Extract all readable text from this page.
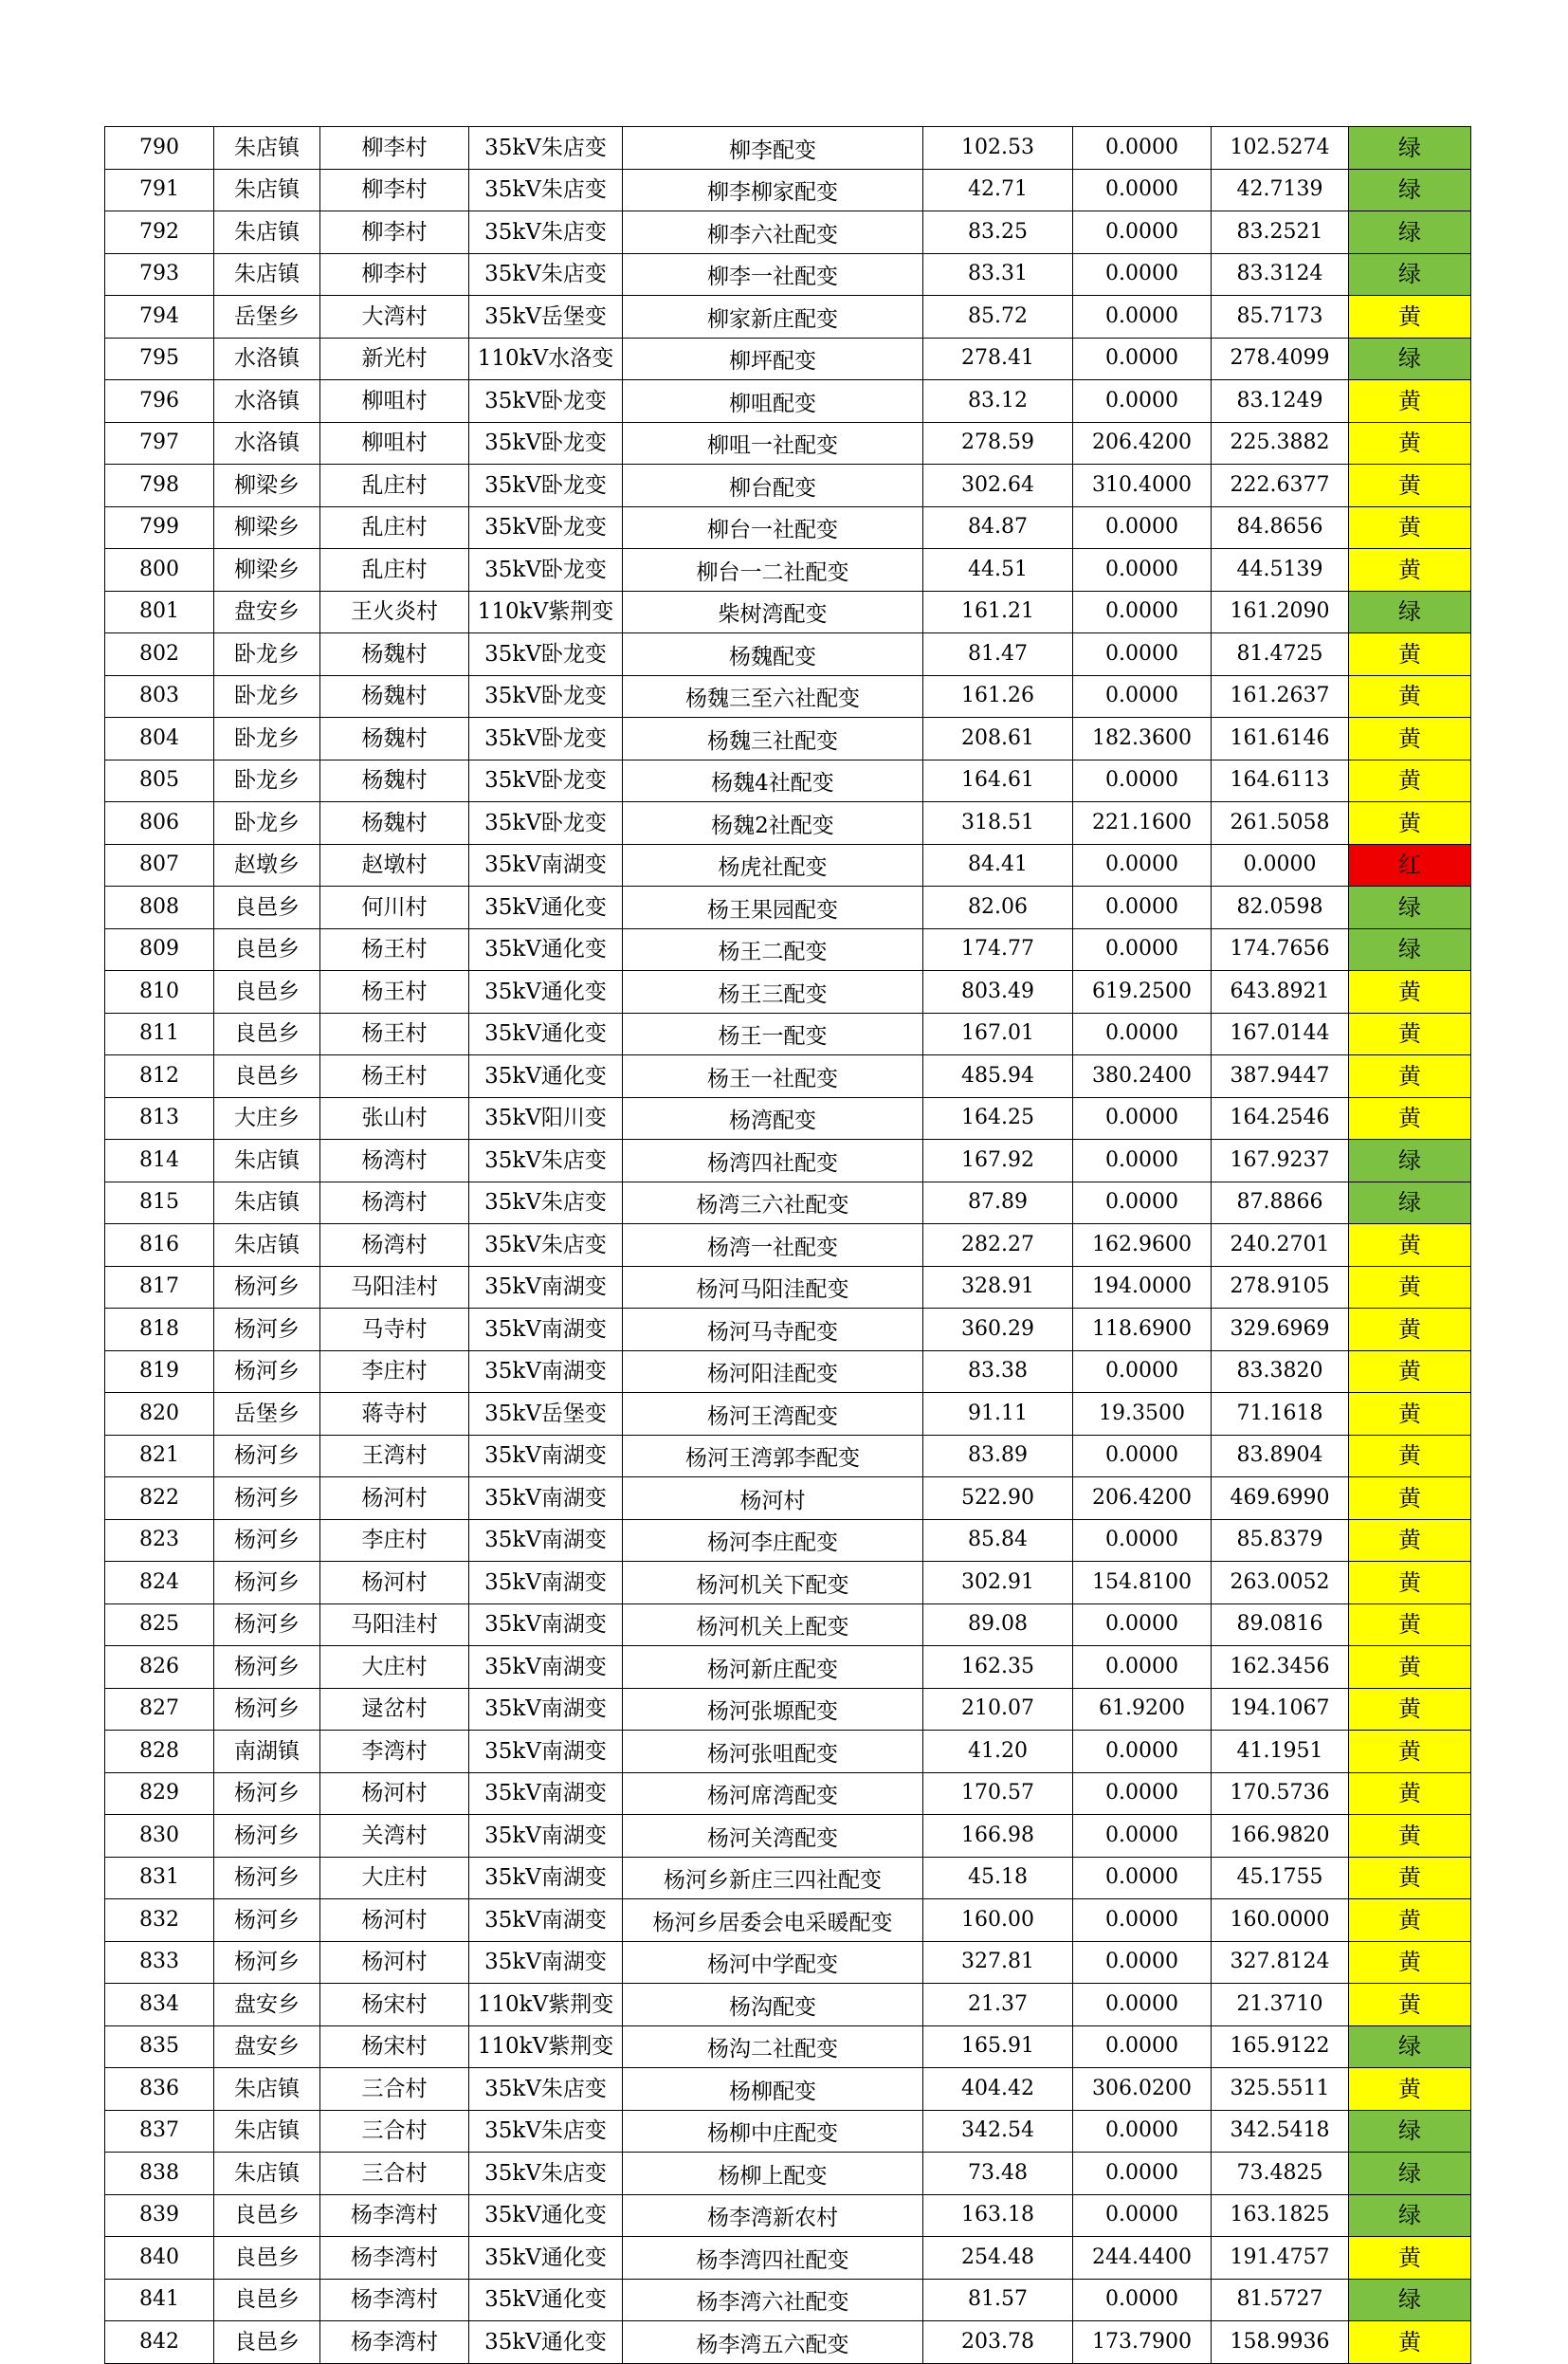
790	朱店镇	柳李村	35kV朱店变	柳李配变	102.53	0.0000	102.5274	绿
791	朱店镇	柳李村	35kV朱店变	柳李柳家配变	42.71	0.0000	42.7139	绿
792	朱店镇	柳李村	35kV朱店变	柳李六社配变	83.25	0.0000	83.2521	绿
793	朱店镇	柳李村	35kV朱店变	柳李一社配变	83.31	0.0000	83.3124	绿
794	岳堡乡	大湾村	35kV岳堡变	柳家新庄配变	85.72	0.0000	85.7173	黄
795	水洛镇	新光村	110kV水洛变	柳坪配变	278.41	0.0000	278.4099	绿
796	水洛镇	柳咀村	35kV卧龙变	柳咀配变	83.12	0.0000	83.1249	黄
797	水洛镇	柳咀村	35kV卧龙变	柳咀一社配变	278.59	206.4200	225.3882	黄
798	柳梁乡	乱庄村	35kV卧龙变	柳台配变	302.64	310.4000	222.6377	黄
799	柳梁乡	乱庄村	35kV卧龙变	柳台一社配变	84.87	0.0000	84.8656	黄
800	柳梁乡	乱庄村	35kV卧龙变	柳台一二社配变	44.51	0.0000	44.5139	黄
801	盘安乡	王火炎村	110kV紫荆变	柴树湾配变	161.21	0.0000	161.2090	绿
802	卧龙乡	杨魏村	35kV卧龙变	杨魏配变	81.47	0.0000	81.4725	黄
803	卧龙乡	杨魏村	35kV卧龙变	杨魏三至六社配变	161.26	0.0000	161.2637	黄
804	卧龙乡	杨魏村	35kV卧龙变	杨魏三社配变	208.61	182.3600	161.6146	黄
805	卧龙乡	杨魏村	35kV卧龙变	杨魏4社配变	164.61	0.0000	164.6113	黄
806	卧龙乡	杨魏村	35kV卧龙变	杨魏2社配变	318.51	221.1600	261.5058	黄
807	赵墩乡	赵墩村	35kV南湖变	杨虎社配变	84.41	0.0000	0.0000	红
808	良邑乡	何川村	35kV通化变	杨王果园配变	82.06	0.0000	82.0598	绿
809	良邑乡	杨王村	35kV通化变	杨王二配变	174.77	0.0000	174.7656	绿
810	良邑乡	杨王村	35kV通化变	杨王三配变	803.49	619.2500	643.8921	黄
811	良邑乡	杨王村	35kV通化变	杨王一配变	167.01	0.0000	167.0144	黄
812	良邑乡	杨王村	35kV通化变	杨王一社配变	485.94	380.2400	387.9447	黄
813	大庄乡	张山村	35kV阳川变	杨湾配变	164.25	0.0000	164.2546	黄
814	朱店镇	杨湾村	35kV朱店变	杨湾四社配变	167.92	0.0000	167.9237	绿
815	朱店镇	杨湾村	35kV朱店变	杨湾三六社配变	87.89	0.0000	87.8866	绿
816	朱店镇	杨湾村	35kV朱店变	杨湾一社配变	282.27	162.9600	240.2701	黄
817	杨河乡	马阳洼村	35kV南湖变	杨河马阳洼配变	328.91	194.0000	278.9105	黄
818	杨河乡	马寺村	35kV南湖变	杨河马寺配变	360.29	118.6900	329.6969	黄
819	杨河乡	李庄村	35kV南湖变	杨河阳洼配变	83.38	0.0000	83.3820	黄
820	岳堡乡	蒋寺村	35kV岳堡变	杨河王湾配变	91.11	19.3500	71.1618	黄
821	杨河乡	王湾村	35kV南湖变	杨河王湾郭李配变	83.89	0.0000	83.8904	黄
822	杨河乡	杨河村	35kV南湖变	杨河村	522.90	206.4200	469.6990	黄
823	杨河乡	李庄村	35kV南湖变	杨河李庄配变	85.84	0.0000	85.8379	黄
824	杨河乡	杨河村	35kV南湖变	杨河机关下配变	302.91	154.8100	263.0052	黄
825	杨河乡	马阳洼村	35kV南湖变	杨河机关上配变	89.08	0.0000	89.0816	黄
826	杨河乡	大庄村	35kV南湖变	杨河新庄配变	162.35	0.0000	162.3456	黄
827	杨河乡	逯岔村	35kV南湖变	杨河张塬配变	210.07	61.9200	194.1067	黄
828	南湖镇	李湾村	35kV南湖变	杨河张咀配变	41.20	0.0000	41.1951	黄
829	杨河乡	杨河村	35kV南湖变	杨河席湾配变	170.57	0.0000	170.5736	黄
830	杨河乡	关湾村	35kV南湖变	杨河关湾配变	166.98	0.0000	166.9820	黄
831	杨河乡	大庄村	35kV南湖变	杨河乡新庄三四社配变	45.18	0.0000	45.1755	黄
832	杨河乡	杨河村	35kV南湖变	杨河乡居委会电采暖配变	160.00	0.0000	160.0000	黄
833	杨河乡	杨河村	35kV南湖变	杨河中学配变	327.81	0.0000	327.8124	黄
834	盘安乡	杨宋村	110kV紫荆变	杨沟配变	21.37	0.0000	21.3710	黄
835	盘安乡	杨宋村	110kV紫荆变	杨沟二社配变	165.91	0.0000	165.9122	绿
836	朱店镇	三合村	35kV朱店变	杨柳配变	404.42	306.0200	325.5511	黄
837	朱店镇	三合村	35kV朱店变	杨柳中庄配变	342.54	0.0000	342.5418	绿
838	朱店镇	三合村	35kV朱店变	杨柳上配变	73.48	0.0000	73.4825	绿
839	良邑乡	杨李湾村	35kV通化变	杨李湾新农村	163.18	0.0000	163.1825	绿
840	良邑乡	杨李湾村	35kV通化变	杨李湾四社配变	254.48	244.4400	191.4757	黄
841	良邑乡	杨李湾村	35kV通化变	杨李湾六社配变	81.57	0.0000	81.5727	绿
842	良邑乡	杨李湾村	35kV通化变	杨李湾五六配变	203.78	173.7900	158.9936	黄
